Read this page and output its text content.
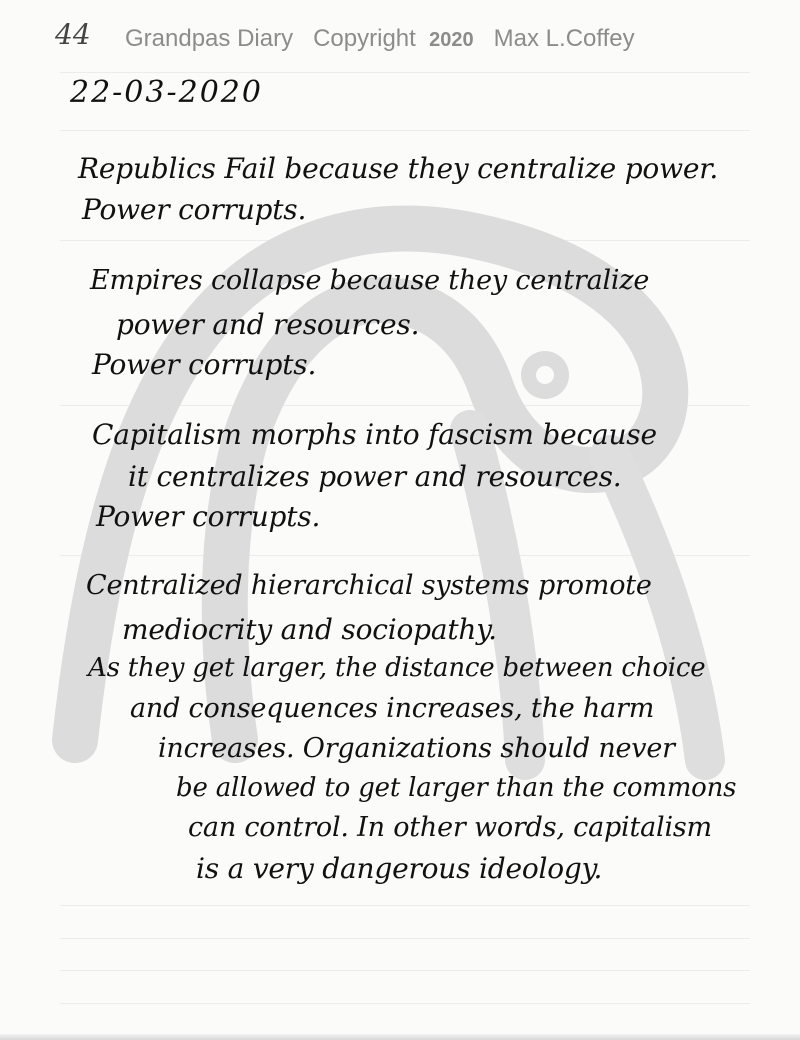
44 Grandpas Diary Copyright 2020 Max L.Coffey
22-03-2020
Republics Fail because they centralize power.
Power corrupts.
Empires collapse because they centralize
power and resources.
Power corrupts.
Capitalism morphs into fascism because
it centralizes power and resources.
Power corrupts.
Centralized hierarchical systems promote
mediocrity and sociopathy.
As they get larger, the distance between choice
and consequences increases, the harm
increases. Organizations should never
be allowed to get larger than the commons
can control. In other words, capitalism
is a very dangerous ideology.
